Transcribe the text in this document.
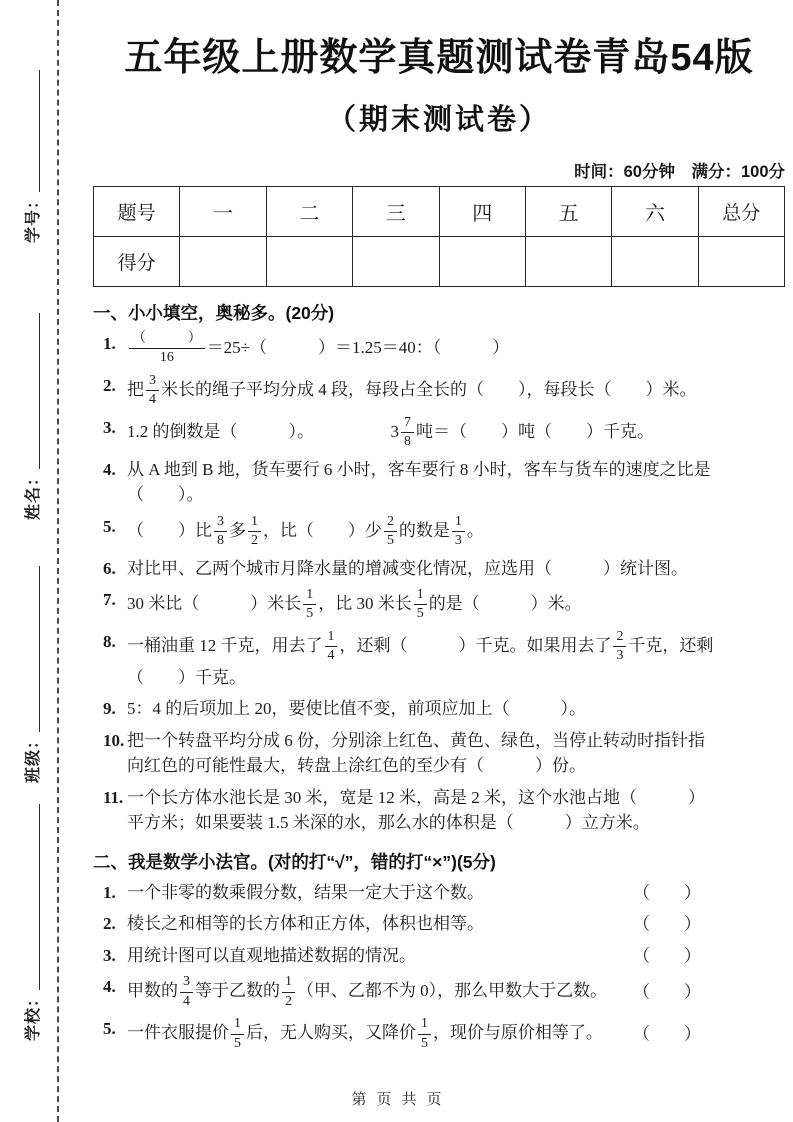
学号：
姓名：
班级：
学校：
五年级上册数学真题测试卷青岛54版
（期末测试卷）
时间：60分钟　满分：100分
题号	一	二	三	四	五	六	总分
得分							
一、小小填空，奥秘多。(20分)
1. $\frac{( )}{16} =25\div$（　　　）＝1.25＝40：（　　　）
2. 把 $\frac{3}{4}$ 米长的绳子平均分成 4 段，每段占全长的（　　），每段长（　　）米。
3. 1.2 的倒数是（　　　）。　　　　　$3 \frac{7}{8}$ 吨＝（　　）吨（　　）千克。
4. 从 A 地到 B 地，货车要行 6 小时，客车要行 8 小时，客车与货车的速度之比是
（　　）。
5. （　　）比 $\frac{3}{8}$ 多 $\frac{1}{2}$ ，比（　　）少 $\frac{2}{5}$ 的数是 $\frac{1}{3}$ 。
6. 对比甲、乙两个城市月降水量的增减变化情况，应选用（　　　）统计图。
7. 30 米比（　　　）米长 $\frac{1}{5}$ ，比 30 米长 $\frac{1}{5}$ 的是（　　　）米。
8. 一桶油重 12 千克，用去了 $\frac{1}{4}$ ，还剩（　　　）千克。如果用去了 $\frac{2}{3}$ 千克，还剩
（　　）千克。
9. 5：4 的后项加上 20，要使比值不变，前项应加上（　　　）。
10. 把一个转盘平均分成 6 份，分别涂上红色、黄色、绿色，当停止转动时指针指
向红色的可能性最大，转盘上涂红色的至少有（　　　）份。
11. 一个长方体水池长是 30 米，宽是 12 米，高是 2 米，这个水池占地（　　　）
平方米；如果要装 1.5 米深的水，那么水的体积是（　　　）立方米。
二、我是数学小法官。(对的打“√”，错的打“×”)(5分)
1. 一个非零的数乘假分数，结果一定大于这个数。	（　　）
2. 棱长之和相等的长方体和正方体，体积也相等。	（　　）
3. 用统计图可以直观地描述数据的情况。	（　　）
4. 甲数的 $\frac{3}{4}$ 等于乙数的 $\frac{1}{2}$ （甲、乙都不为 0），那么甲数大于乙数。	（　　）
5. 一件衣服提价 $\frac{1}{5}$ 后，无人购买，又降价 $\frac{1}{5}$ ，现价与原价相等了。	（　　）
第页共页
